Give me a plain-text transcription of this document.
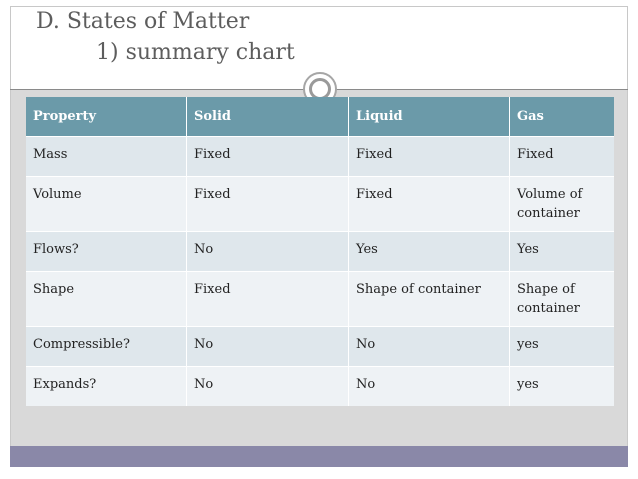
D. States of Matter
1) summary chart
Property	Solid	Liquid	Gas
Mass	Fixed	Fixed	Fixed
Volume	Fixed	Fixed	Volume of container
Flows?	No	Yes	Yes
Shape	Fixed	Shape of container	Shape of container
Compressible?	No	No	yes
Expands?	No	No	yes
